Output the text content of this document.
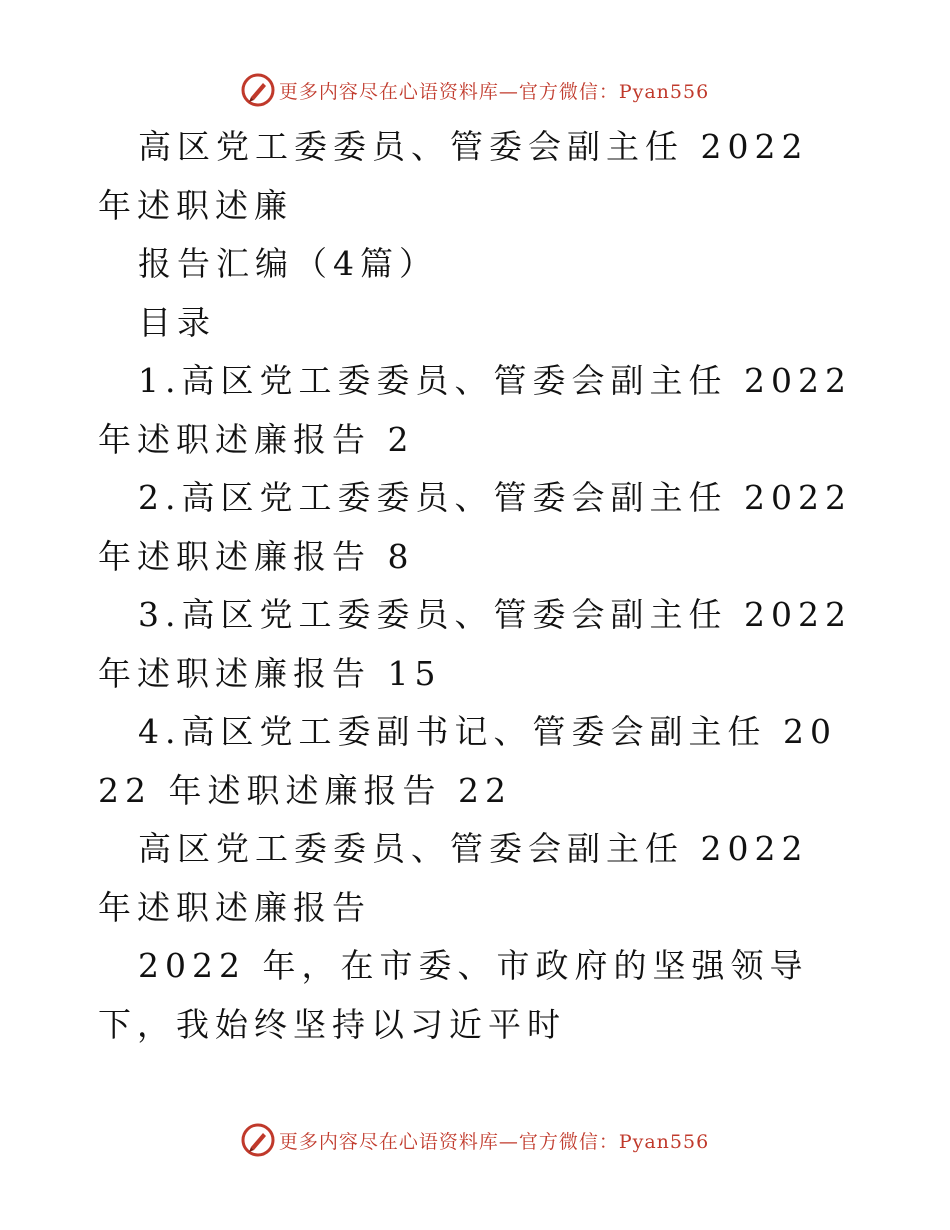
更多内容尽在心语资料库—官方微信：Pyan556

高区党工委委员、管委会副主任 2022 年述职述廉

报告汇编（4篇）

目录

1.高区党工委委员、管委会副主任 2022 年述职述廉报告 2

2.高区党工委委员、管委会副主任 2022 年述职述廉报告 8

3.高区党工委委员、管委会副主任 2022 年述职述廉报告 15

4.高区党工委副书记、管委会副主任 2022 年述职述廉报告 22

高区党工委委员、管委会副主任 2022 年述职述廉报告

2022 年，在市委、市政府的坚强领导下，我始终坚持以习近平时

更多内容尽在心语资料库—官方微信：Pyan556
